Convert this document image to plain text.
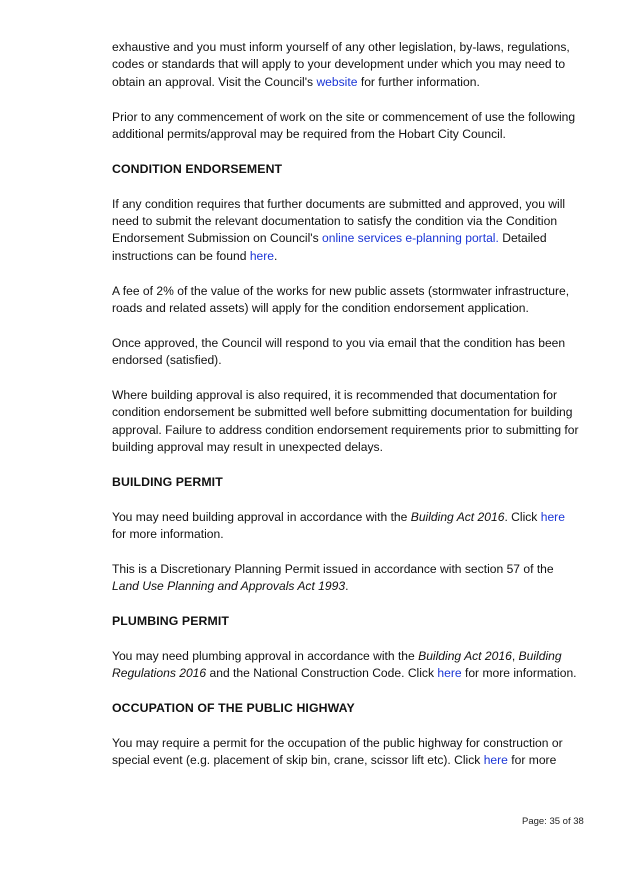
exhaustive and you must inform yourself of any other legislation, by-laws, regulations, codes or standards that will apply to your development under which you may need to obtain an approval. Visit the Council's website for further information.

Prior to any commencement of work on the site or commencement of use the following additional permits/approval may be required from the Hobart City Council.

CONDITION ENDORSEMENT

If any condition requires that further documents are submitted and approved, you will need to submit the relevant documentation to satisfy the condition via the Condition Endorsement Submission on Council's online services e-planning portal. Detailed instructions can be found here.

A fee of 2% of the value of the works for new public assets (stormwater infrastructure, roads and related assets) will apply for the condition endorsement application.

Once approved, the Council will respond to you via email that the condition has been endorsed (satisfied).

Where building approval is also required, it is recommended that documentation for condition endorsement be submitted well before submitting documentation for building approval. Failure to address condition endorsement requirements prior to submitting for building approval may result in unexpected delays.

BUILDING PERMIT

You may need building approval in accordance with the Building Act 2016. Click here for more information.

This is a Discretionary Planning Permit issued in accordance with section 57 of the Land Use Planning and Approvals Act 1993.

PLUMBING PERMIT

You may need plumbing approval in accordance with the Building Act 2016, Building Regulations 2016 and the National Construction Code. Click here for more information.

OCCUPATION OF THE PUBLIC HIGHWAY

You may require a permit for the occupation of the public highway for construction or special event (e.g. placement of skip bin, crane, scissor lift etc). Click here for more

Page: 35 of 38
